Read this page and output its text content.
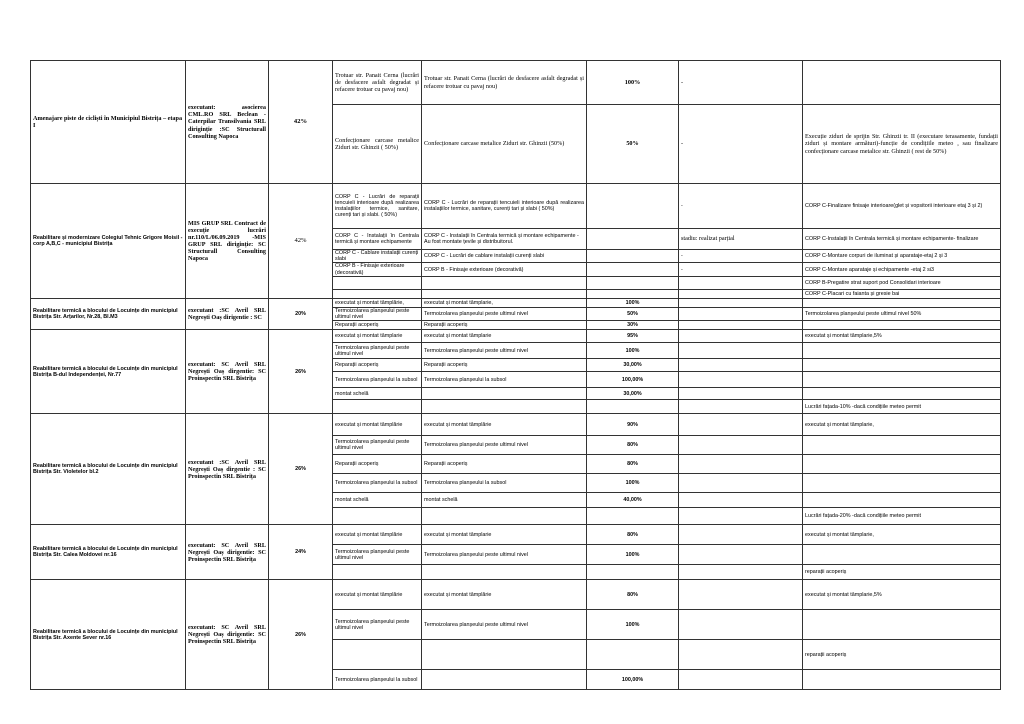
Amenajare piste de cicliști în Municipiul Bistrița – etapa I	executant: asocierea CML.RO SRL Beclean - Caterpilar Transilvania SRL diriginție :SC Structurall Consulting Napoca	42%	Trotuar str. Panait Cerna (lucrări de desfacere asfalt degradat și refacere trotuar cu pavaj nou)	Trotuar str. Panait Cerna (lucrări de desfacere asfalt degradat și refacere trotuar cu pavaj nou)	100%	-	
			Confecționare carcase metalice Ziduri str. Ghinzii ( 50%)	Confecționare carcase metalice Ziduri str. Ghinzii (50%)	50%	-	Execuție ziduri de sprijin Str. Ghinzii tr. II (executare terasamente, fundații ziduri și montare armături)-funcție de condițiile meteo , sau finalizare confecționare carcase metalice str. Ghinzii ( rest de 50%)
Reabilitare și modernizare Colegiul Tehnic Grigore Moisil - corp A,B,C - municipiul Bistrița	MIS GRUP SRL Contract de execuție lucrări nr.110/L/06.09.2019 -MIS GRUP SRL diriginție: SC Structurall Consulting Napoca	42%	CORP C - Lucrări de reparații tencuieli interioare după realizarea instalațiilor termice, sanitare, curenți tari și slabi. ( 50%)	CORP C - Lucrări de reparații tencuieli interioare după realizarea instalațiilor termice, sanitare, curenți tari și slabi ( 50%)		-	CORP C-Finalizare finisaje interioare(glet și vopsitorii interioare etaj 3 și 2)
			CORP C - Instalații în Centrala termică și montare echipamente	CORP C - Instalații în Centrala termică și montare echipamente - Au fost montate țevile și distribuitorul.		stadiu: realizat parțial	CORP C-Instalații în Centrala termică și montare echipamente- finalizare
			CORP C - Cablare instalații curenți slabi	CORP C - Lucrări de cablare instalații curenți slabi		-	CORP C-Montare corpuri de iluminat și aparataje-etaj 2 și 3
			CORP B - Finisaje exterioare (decorativă)	CORP B - Finisaje exterioare (decorativă)		-	CORP C-Montare aparataje și echipamente -etaj 2 si3
							CORP B-Pregatire strat suport pod Consolidari interioare
							CORP C-Placari cu faianta și gresie bai
Reabilitare termică a blocului de Locuințe din municipiul Bistrița Str. Arțarilor, Nr.28, Bl.M3	executant :SC Avril SRL Negrești Oaș dirigentie : SC	20%	executat și montat tâmplărie,	executat și montat tâmplarie,	100%		
			Termoizolarea planșeului peste ultimul nivel	Termoizolarea planșeului peste ultimul nivel	50%		Termoizolarea planșeului peste ultimul nivel 50%
			Reparații acoperiș	Reparații acoperiș	30%		
Reabilitare termică a blocului de Locuințe din municipiul Bistrița B-dul Independenței, Nr.77	executant: SC Avril SRL Negrești Oaș dirgentie: SC Proinspectin SRL Bistrița	26%	executat și montat tâmplarie	executat și montat tâmplarie	95%		executat și montat tâmplarie,5%
			Termoizolarea planșeului peste ultimul nivel	Termoizolarea planșeului peste ultimul nivel	100%		
			Reparații acoperiș	Reparații acoperiș	30,00%		
			Termoizolarea planșeului la subsol	Termoizolarea planșeului la subsol	100,00%		
			montat schelă		30,00%		
							Lucrări fațada-10% -dacă condițiile meteo permit
Reabilitare termică a blocului de Locuințe din municipiul Bistrița Str. Violetelor bl.2	executant :SC Avril SRL Negrești Oaș dirgentie : SC Proinspectin SRL Bistrița	26%	executat și montat tâmplărie	executat și montat tâmplărie	90%		executat și montat tâmplarie,
			Termoizolarea planșeului peste ultimul nivel	Termoizolarea planșeului peste ultimul nivel	80%		
			Reparații acoperiș	Reparații acoperiș	80%		
			Termoizolarea planșeului la subsol	Termoizolarea planșeului la subsol	100%		
			montat schelă	montat schelă	40,00%		
							Lucrări fațada-20% -dacă condițiile meteo permit
Reabilitare termică a blocului de Locuințe din municipiul Bistrița Str. Calea Moldovei nr.16	executant: SC Avril SRL Negrești Oaș dirigentie: SC Proinspectin SRL Bistrița	24%	executat și montat tâmplărie	executat și montat tâmplarie	80%		executat și montat tâmplarie,
			Termoizolarea planșeului peste ultimul nivel	Termoizolarea planșeului peste ultimul nivel	100%		
							reparații acoperiș
Reabilitare termică a blocului de Locuințe din municipiul Bistrița Str. Axente Sever nr.16	executant: SC Avril SRL Negrești Oaș dirigentie: SC Proinspectin SRL Bistrița	26%	executat și montat tâmplărie	executat și montat tâmplărie	80%		executat și montat tâmplarie,5%
			Termoizolarea planșeului peste ultimul nivel	Termoizolarea planșeului peste ultimul nivel	100%		
							reparații acoperiș
			Termoizolarea planșeului la subsol		100,00%		
